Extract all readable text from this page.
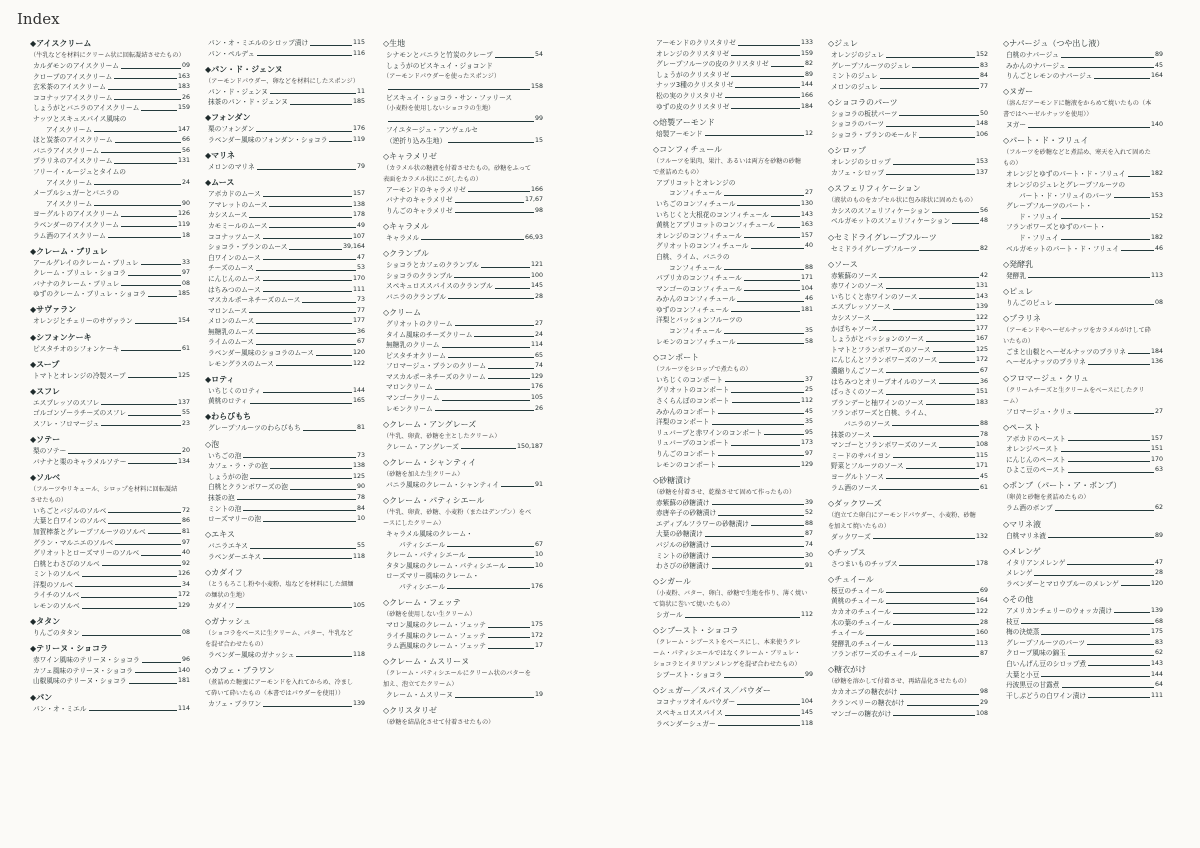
Index
◆アイスクリーム
（牛乳などを材料にクリーム状に回転凝結させたもの）
カルダモンのアイスクリーム	09
クローブのアイスクリーム	163
玄米茶のアイスクリーム	183
ココナッツアイスクリーム	26
しょうがとバニラのアイスクリーム	159
ナッツとスキュスパイス風味の
アイスクリーム	147
ほと炭茶のアイスクリーム	66
バニラアイスクリーム	56
プラリネのアイスクリーム	131
フリーイ・ルージュとタイムの
アイスクリーム	24
メープルシュガーとバニラの
アイスクリーム	90
ヨーグルトのアイスクリーム	126
ラベンダーのアイスクリーム	119
ラム酒のアイスクリーム	18
◆クレーム・ブリュレ
アールグレイのクレーム・ブリュレ	33
クレーム・ブリュレ・ショコラ	97
バナナのクレーム・ブリュレ	08
ゆずのクレーム・ブリュレ・ショコラ	185
◆サヴァラン
オレンジとチェリーのサヴァラン	154
◆シフォンケーキ
ピスタチオのシフォンケーキ	61
◆スープ
トマトとオレンジの冷製スープ	125
◆スフレ
エスプレッソのスフレ	137
ゴルゴンゾーラチーズのスフレ	55
スフレ・フロマージュ	23
◆ソテー
梨のソテー	20
バナナと栗のキャラメルソテー	134
◆ソルベ
（フルーツやリキュール、シロップを材料に回転凝結
させたもの）
いちごとバジルのソルベ	72
大葉と白ワインのソルベ	86
加賀棒茶とグレープフルーツのソルベ	81
グラン・マルニエのソルベ	97
グリオットとローズマリーのソルベ	40
白桃とわさびのソルベ	92
ミントのソルベ	126
洋梨のソルベ	34
ライチのソルベ	172
レモンのソルベ	129
◆タタン
りんごのタタン	08
◆テリーヌ・ショコラ
赤ワイン風味のテリーヌ・ショコラ	96
カフェ風味のテリーヌ・ショコラ	140
山椒風味のテリーヌ・ショコラ	181
◆パン
パン・オ・ミエル	114
パン・オ・ミエルのシロップ漬け	115
パン・ペルデュ	116
◆パン・ド・ジェンヌ
（アーモンドパウダー、卵などを材料にしたスポンジ）
パン・ド・ジェンヌ	11
抹茶のパン・ド・ジェンヌ	185
◆フォンダン
栗のフォンダン	176
ラベンダー風味のフォンダン・ショコラ	119
◆マリネ
メロンのマリネ	79
◆ムース
アボカドのムース	157
アマレットのムース	138
カシスムース	178
カモミールのムース	49
ココナッツムース	107
ショコラ・ブランのムース	39,164
白ワインのムース	47
チーズのムース	53
にんじんのムース	170
はちみつのムース	111
マスカルポーネチーズのムース	73
マロンムース	77
メロンのムース	177
無糖乳のムース	36
ライムのムース	67
ラベンダー風味のショコラのムース	120
レモングラスのムース	122
◆ロティ
いちじくのロティ	144
黄桃のロティ	165
◆わらびもち
グレープフルーツのわらびもち	81
◇泡
いちごの泡	73
カフェ・ラ・テの泡	138
しょうがの泡	125
白桃とクランボワーズの泡	90
抹茶の泡	78
ミントの泡	84
ローズマリーの泡	10
◇エキス
バニラエキス	55
ラベンダーエキス	118
◇カダイフ
（とうもろこし粉や小麦粉、塩などを材料にした細麺
の麺状の生地）
カダイフ	105
◇ガナッシュ
（ショコラをベースに生クリーム、バター、牛乳など
を混ぜ合わせたもの）
ラベンダー風味のガナッシュ	118
◇カフェ・ブラワン
（煮詰めた糖蜜にアーモンドを入れてからめ、冷まし
て砕いて砕いたもの（本書ではパウダーを使用））
カフェ・ブラワン	139
◇生地
シナモンとバニラと竹炭のクレープ	54
しょうがのビスキュイ・ジョコンド
（アーモンドパウダーを使ったスポンジ）
158
ビスキュイ・ショコラ・サン・ファリース
（小麦粉を使用しないショコラの生地）
99
フイユタージュ・アンヴェルセ
（逆折り込み生地）	15
◇キャラメリゼ
（カラメル状の糖液を付着させたもの。砂糖をふって
表面をカラメル状にこがしたもの）
アーモンドのキャラメリゼ	166
バナナのキャラメリゼ	17,67
りんごのキャラメリゼ	98
◇キャラメル
キャラメル	66,93
◇クランブル
ショコラとカフェのクランブル	121
ショコラのクランブル	100
スペキュロススパイスのクランブル	145
バニラのクランブル	28
◇クリーム
グリオットのクリーム	27
タイム風味のチーズクリーム	24
無糖乳のクリーム	114
ピスタチオクリーム	65
フロマージュ・ブランのクリーム	74
マスカルポーネチーズのクリーム	129
マロンクリーム	176
マンゴークリーム	105
レモンクリーム	26
◇クレーム・アングレーズ
（牛乳、卵黄、砂糖を主としたクリーム）
クレーム・アングレーズ	150,187
◇クレーム・シャンティイ
（砂糖を加えた生クリーム）
バニラ風味のクレーム・シャンティイ	91
◇クレーム・パティシエール
（牛乳、卵黄、砂糖、小麦粉（またはデンプン）をベ
ースにしたクリーム）
キャラメル風味のクレーム・
パティシエール	67
クレーム・パティシエール	10
タタン風味のクレーム・パティシエール	10
ローズマリー風味のクレーム・
パティシエール	176
◇クレーム・フェッテ
（砂糖を使用しない生クリーム）
マロン風味のクレーム・フェッテ	175
ライチ風味のクレーム・フェッテ	172
ラム酒風味のクレーム・フェッテ	17
◇クレーム・ムスリーヌ
（クレーム・パティシエールにクリーム状のバターを
加え、泡立てたクリーム）
クレーム・ムスリーヌ	19
◇クリスタリゼ
（砂糖を結晶化させて付着させたもの）
アーモンドのクリスタリゼ	133
オレンジのクリスタリゼ	159
グレープフルーツの皮のクリスタリゼ	82
しょうがのクリスタリゼ	89
ナッツ3種のクリスタリゼ	144
松の実のクリスタリゼ	166
ゆずの皮のクリスタリゼ	184
◇焙製アーモンド
焙製アーモンド	12
◇コンフィチュール
（フルーツを果肉、果汁、あるいは両方を砂糖の砂糖
で煮詰めたもの）
アプリコットとオレンジの
コンフィチュール	27
いちごのコンフィチュール	130
いちじくと大根花のコンフィチュール	143
黄桃とアプリコットのコンフィチュール	163
オレンジのコンフィチュール	157
グリオットのコンフィチュール	40
白桃、ライム、バニラの
コンフィチュール	88
パプリカのコンフィチュール	171
マンゴーのコンフィチュール	104
みかんのコンフィチュール	46
ゆずのコンフィチュール	181
洋梨とパッションフルーツの
コンフィチュール	35
レモンのコンフィチュール	58
◇コンポート
（フルーツをシロップで煮たもの）
いちじくのコンポート	37
グリオットのコンポート	25
さくらんぼのコンポート	112
みかんのコンポート	45
洋梨のコンポート	35
リュバーブと赤ワインのコンポート	95
リュバーブのコンポート	173
りんごのコンポート	97
レモンのコンポート	129
◇砂糖漬け
（砂糖を付着させ、乾燥させて固めて作ったもの）
赤紫蘇の砂糖漬け	39
赤唐辛子の砂糖漬け	52
エディブルフラワーの砂糖漬け	88
大葉の砂糖漬け	87
バジルの砂糖漬け	74
ミントの砂糖漬け	30
わさびの砂糖漬け	91
◇シガール
（小麦粉、バター、卵白、砂糖で生地を作り、薄く焼い
て筒状に巻いて焼いたもの）
シガール	112
◇シブースト・ショコラ
（クレーム・シブーストをベースにし、本来使うクレ
ーム・パティシエールではなくクレーム・ブリュレ・
ショコラとイタリアンメレンゲを混ぜ合わせたもの）
シブースト・ショコラ	99
◇シュガー／スパイス／パウダー
ココナッツオイルパウダー	104
スペキュロススパイス	145
ラベンダーシュガー	118
◇ジュレ
オレンジのジュレ	152
グレープフルーツのジュレ	83
ミントのジュレ	84
メロンのジュレ	77
◇ショコラのパーツ
ショコラの板状パーツ	50
ショコラのパーツ	148
ショコラ・ブランのモールド	106
◇シロップ
オレンジのシロップ	153
カフェ・シロップ	137
◇スフェリフィケーション
（液状のものをカプセル状に包み球状に固めたもの）
カシスのスフェリフィケーション	56
ベルガモットのスフェリフィケーション	48
◇セミドライグレープフルーツ
セミドライグレープフルーツ	82
◇ソース
赤紫蘇のソース	42
赤ワインのソース	131
いちじくと赤ワインのソース	143
エスプレッソソース	139
カシスソース	122
かぼちゃソース	177
しょうがとパッションのソース	167
トマトとフランボワーズのソース	125
にんじんとフランボワーズのソース	172
濃縮りんごソース	67
はちみつとオリーブオイルのソース	36
ぱっさくのソース	151
ブランデーと柚ワインのソース	183
フランボワーズと白桃、ライム、
バニラのソース	88
抹茶のソース	78
マンゴーとフランボワーズのソース	108
ミードのサバイヨン	115
野菜とフルーツのソース	171
ヨーグルトソース	45
ラム酒のソース	61
◇ダックワーズ
（泡立てた卵白にアーモンドパウダー、小麦粉、砂糖
を加えて焼いたもの）
ダックワーズ	132
◇チップス
さつまいものチップス	178
◇チュイール
桜豆のチュイール	69
黄桃のチュイール	164
カカオのチュイール	122
木の葉のチュイール	28
チュイール	160
発酵乳のチュイール	113
フランボワーズのチュイール	87
◇糖衣がけ
（砂糖を溶かして付着させ、再結晶化させたもの）
カカオニブの糖衣がけ	98
クランベリーの糖衣がけ	29
マンゴーの糖衣がけ	108
◇ナパージュ（つや出し液）
白桃のナパージュ	89
みかんのナパージュ	45
りんごとレモンのナパージュ	164
◇ヌガー
（溶んだアーモンドに糖液をからめて焼いたもの（本
書ではヘーゼルナッツを使用））
ヌガー	140
◇パート・ド・フリュイ
（フルーツを砂糖などと煮詰め、寒天を入れて固めた
もの）
オレンジとゆずのパート・ド・フリュイ	182
オレンジのジュレとグレープフルーツの
パート・ド・フリュイのパーツ	153
グレープフルーツのパート・
ド・フリュイ	152
フランボワーズとゆずのパート・
ド・フリュイ	182
ベルガモットのパート・ド・フリュイ	46
◇発酵乳
発酵乳	113
◇ピュレ
りんごのピュレ	08
◇プラリネ
（アーモンドやヘーゼルナッツをカラメルがけして砕
いたもの）
ごまと山椒とヘーゼルナッツのプラリネ	184
ヘーゼルナッツのプラリネ	136
◇フロマージュ・クリュ
（クリームチーズと生クリームをベースにしたクリ
ーム）
フロマージュ・クリュ	27
◇ペースト
アボカドのペースト	157
オレンジペースト	151
にんじんのペースト	170
ひよこ豆のペースト	63
◇ポンブ（パート・ア・ボンブ）
（卵黄と砂糖を煮詰めたもの）
ラム酒のボンブ	62
◇マリネ液
白桃マリネ液	89
◇メレンゲ
イタリアンメレンゲ	47
メレンゲ	28
ラベンダーとマロウブルーのメレンゲ	120
◇その他
アメリカンチェリーのウォッカ漬け	139
枝豆	68
梅の決焼蒸	175
グレープフルーツのパーツ	83
クローブ風味の錦玉	62
白いんげん豆のシロップ煮	143
大葉と小豆	144
丹波黒豆の甘露煮	64
干しぶどうの白ワイン漬け	111
